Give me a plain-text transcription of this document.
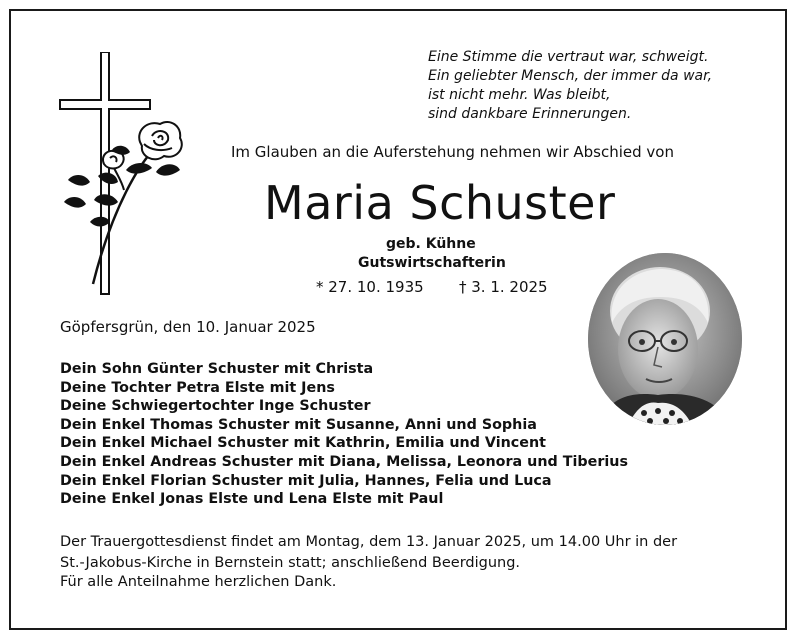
Eine Stimme die vertraut war, schweigt.
Ein geliebter Mensch, der immer da war,
ist nicht mehr. Was bleibt,
sind dankbare Erinnerungen.
Im Glauben an die Auferstehung nehmen wir Abschied von
Maria Schuster
geb. Kühne
Gutswirtschafterin
* 27. 10. 1935 † 3. 1. 2025
Göpfersgrün, den 10. Januar 2025
Dein Sohn Günter Schuster mit Christa
Deine Tochter Petra Elste mit Jens
Deine Schwiegertochter Inge Schuster
Dein Enkel Thomas Schuster mit Susanne, Anni und Sophia
Dein Enkel Michael Schuster mit Kathrin, Emilia und Vincent
Dein Enkel Andreas Schuster mit Diana, Melissa, Leonora und Tiberius
Dein Enkel Florian Schuster mit Julia, Hannes, Felia und Luca
Deine Enkel Jonas Elste und Lena Elste mit Paul
Der Trauergottesdienst findet am Montag, dem 13. Januar 2025, um 14.00 Uhr in der
St.-Jakobus-Kirche in Bernstein statt; anschließend Beerdigung.
Für alle Anteilnahme herzlichen Dank.
